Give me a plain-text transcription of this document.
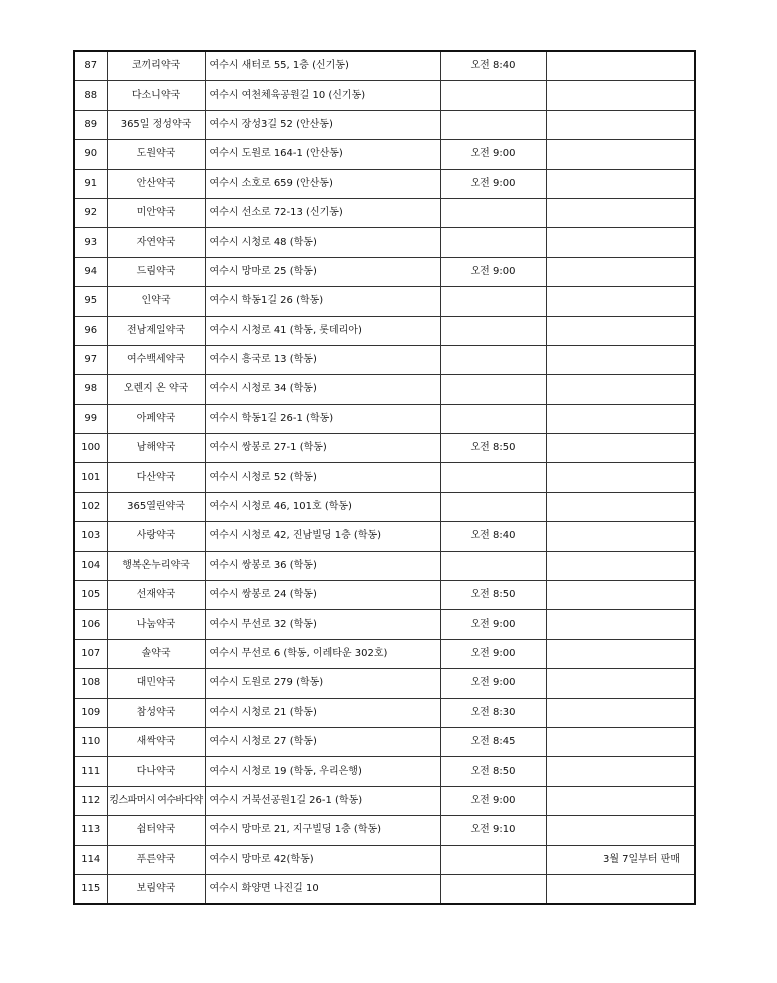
87	코끼리약국	여수시 새터로 55, 1층 (신기동)	오전 8:40	
88	다소니약국	여수시 여천체육공원길 10 (신기동)		
89	365일 정성약국	여수시 장성3길 52 (안산동)		
90	도원약국	여수시 도원로 164-1 (안산동)	오전 9:00	
91	안산약국	여수시 소호로 659 (안산동)	오전 9:00	
92	미안약국	여수시 선소로 72-13 (신기동)		
93	자연약국	여수시 시청로 48 (학동)		
94	드림약국	여수시 망마로 25 (학동)	오전 9:00	
95	인약국	여수시 학동1길 26 (학동)		
96	전남제일약국	여수시 시청로 41 (학동, 롯데리아)		
97	여수백세약국	여수시 흥국로 13 (학동)		
98	오렌지 온 약국	여수시 시청로 34 (학동)		
99	아페약국	여수시 학동1길 26-1 (학동)		
100	남해약국	여수시 쌍봉로 27-1 (학동)	오전 8:50	
101	다산약국	여수시 시청로 52 (학동)		
102	365열린약국	여수시 시청로 46, 101호 (학동)		
103	사랑약국	여수시 시청로 42, 진남빌딩 1층 (학동)	오전 8:40	
104	행복온누리약국	여수시 쌍봉로 36 (학동)		
105	선재약국	여수시 쌍봉로 24 (학동)	오전 8:50	
106	나눔약국	여수시 무선로 32 (학동)	오전 9:00	
107	솔약국	여수시 무선로 6 (학동, 이레타운 302호)	오전 9:00	
108	대민약국	여수시 도원로 279 (학동)	오전 9:00	
109	참성약국	여수시 시청로 21 (학동)	오전 8:30	
110	새싹약국	여수시 시청로 27 (학동)	오전 8:45	
111	다나약국	여수시 시청로 19 (학동, 우리은행)	오전 8:50	
112	킹스파머시 여수바다약	여수시 거북선공원1길 26-1 (학동)	오전 9:00	
113	쉼터약국	여수시 망마로 21, 지구빌딩 1층 (학동)	오전 9:10	
114	푸른약국	여수시 망마로 42(학동)		3월 7일부터 판매
115	보림약국	여수시 화양면 나진길 10		
